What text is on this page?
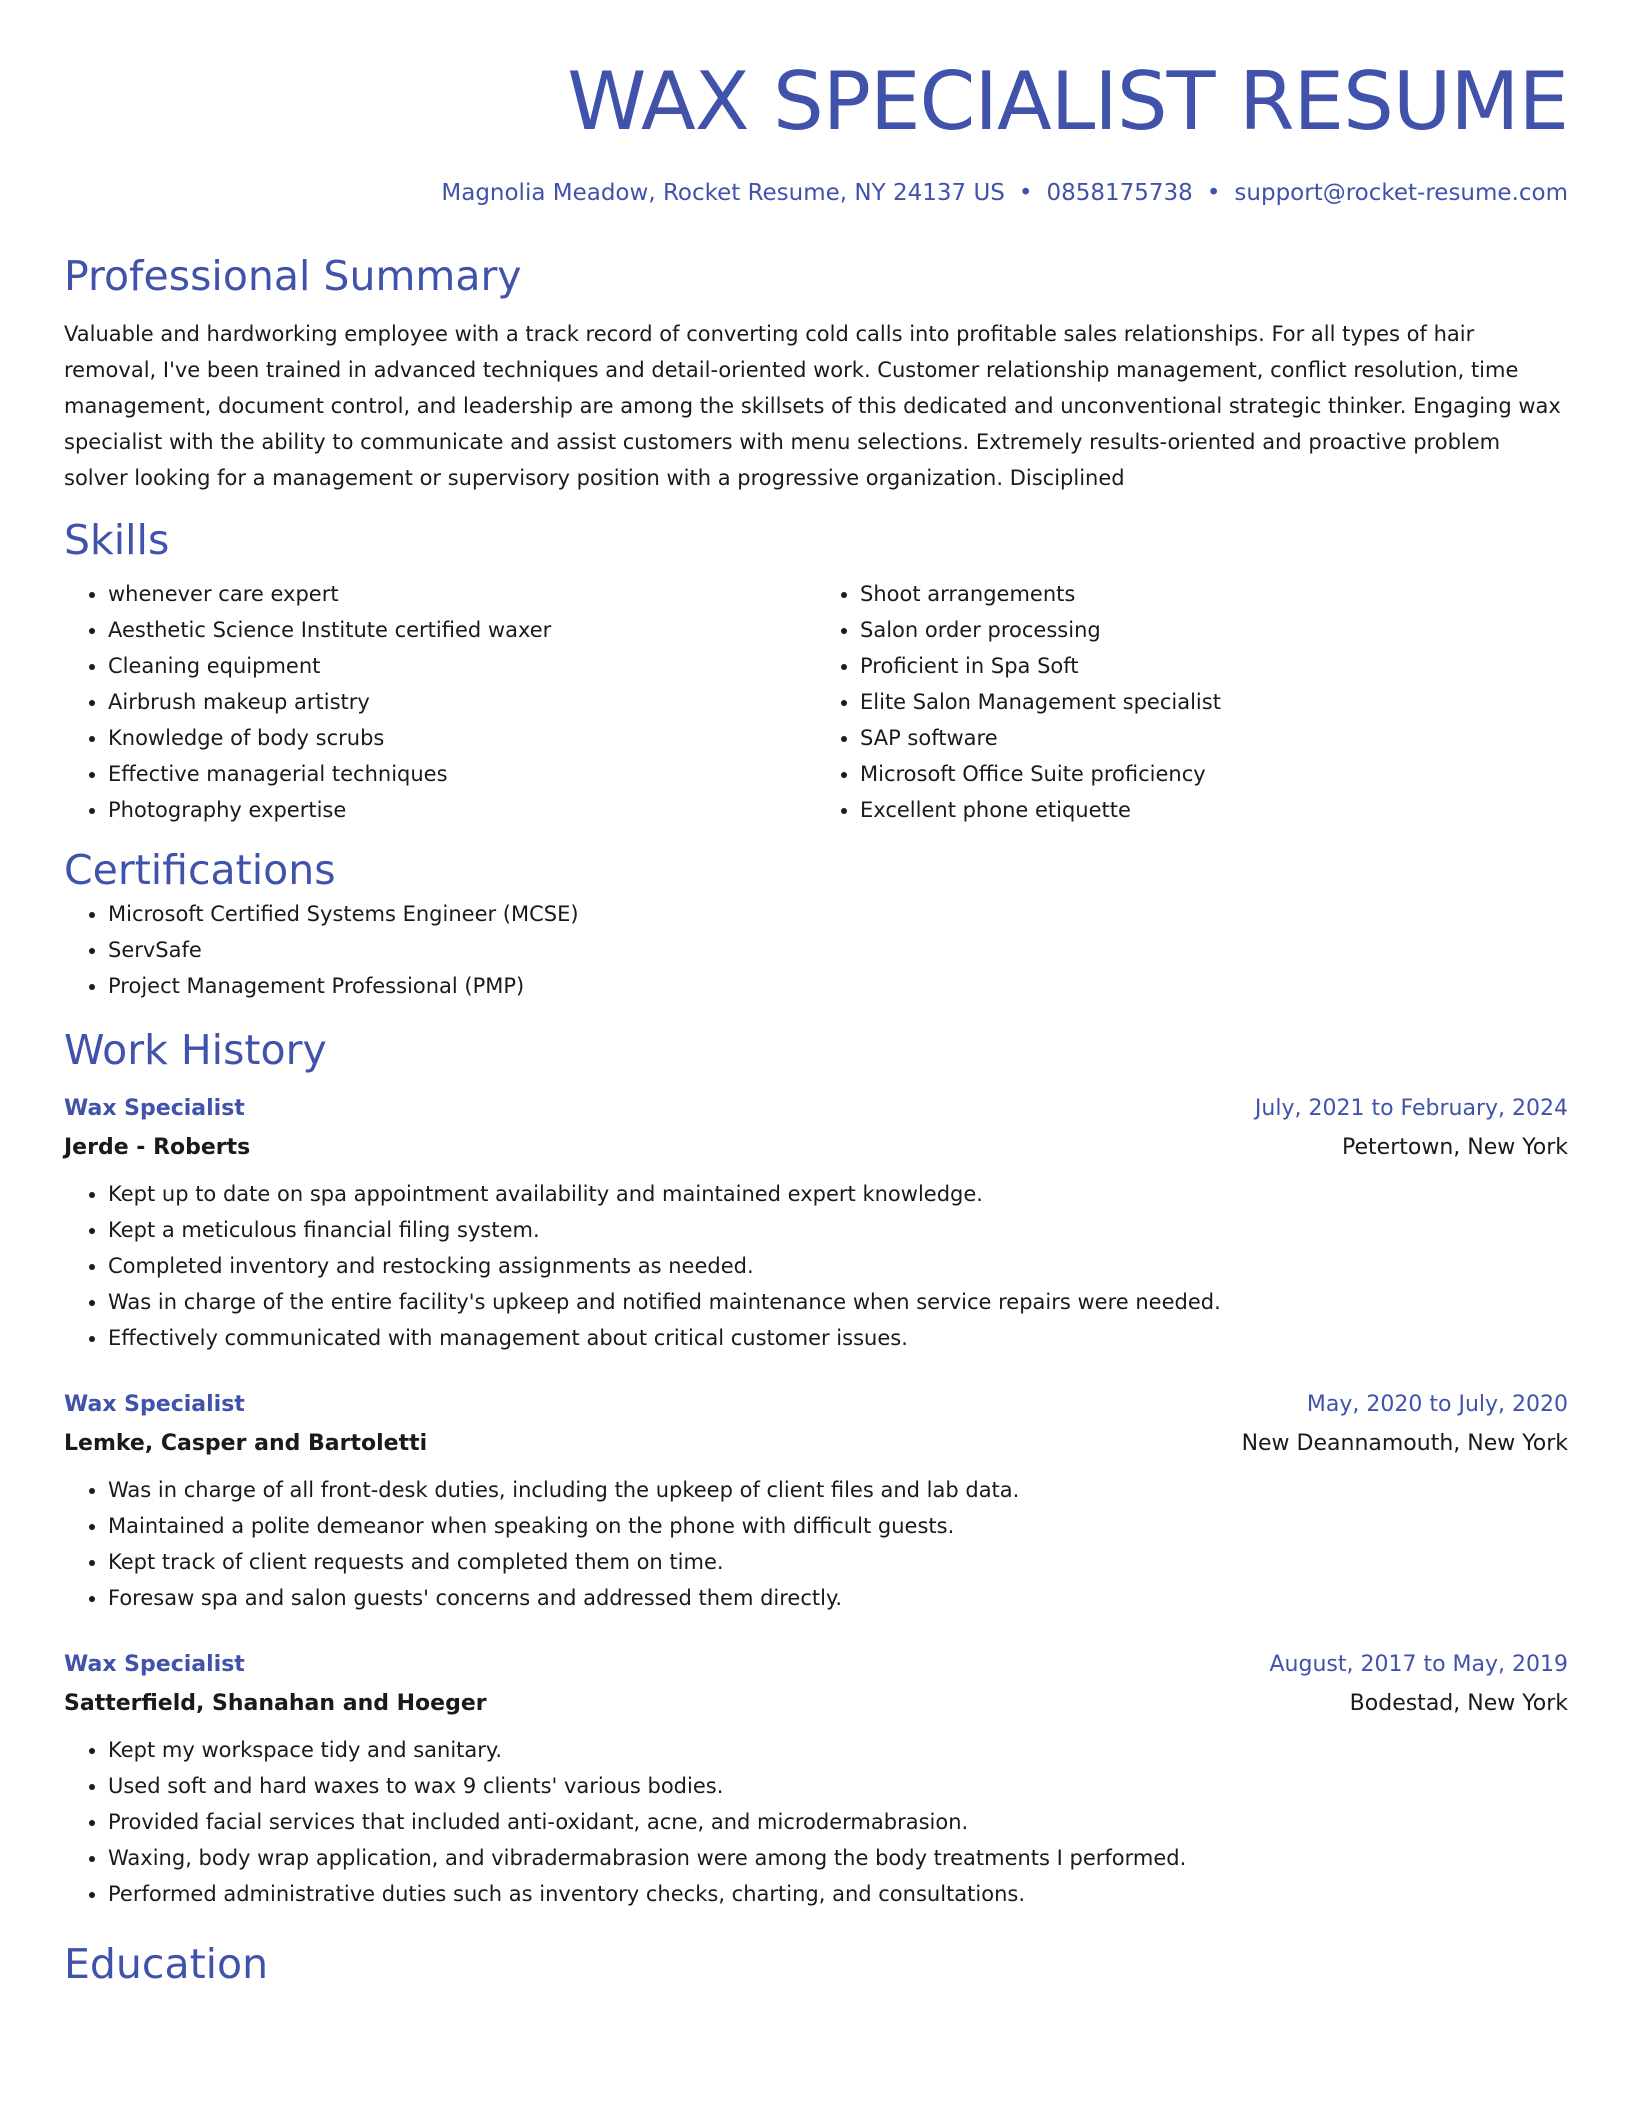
WAX SPECIALIST RESUME
Magnolia Meadow, Rocket Resume, NY 24137 US • 0858175738 • support@rocket-resume.com
Professional Summary
Valuable and hardworking employee with a track record of converting cold calls into profitable sales relationships. For all types of hair removal, I've been trained in advanced techniques and detail-oriented work. Customer relationship management, conflict resolution, time management, document control, and leadership are among the skillsets of this dedicated and unconventional strategic thinker. Engaging wax specialist with the ability to communicate and assist customers with menu selections. Extremely results-oriented and proactive problem solver looking for a management or supervisory position with a progressive organization. Disciplined
Skills
• whenever care expert
• Aesthetic Science Institute certified waxer
• Cleaning equipment
• Airbrush makeup artistry
• Knowledge of body scrubs
• Effective managerial techniques
• Photography expertise
• Shoot arrangements
• Salon order processing
• Proficient in Spa Soft
• Elite Salon Management specialist
• SAP software
• Microsoft Office Suite proficiency
• Excellent phone etiquette
Certifications
• Microsoft Certified Systems Engineer (MCSE)
• ServSafe
• Project Management Professional (PMP)
Work History
Wax Specialist	July, 2021 to February, 2024
Jerde - Roberts	Petertown, New York
• Kept up to date on spa appointment availability and maintained expert knowledge.
• Kept a meticulous financial filing system.
• Completed inventory and restocking assignments as needed.
• Was in charge of the entire facility's upkeep and notified maintenance when service repairs were needed.
• Effectively communicated with management about critical customer issues.
Wax Specialist	May, 2020 to July, 2020
Lemke, Casper and Bartoletti	New Deannamouth, New York
• Was in charge of all front-desk duties, including the upkeep of client files and lab data.
• Maintained a polite demeanor when speaking on the phone with difficult guests.
• Kept track of client requests and completed them on time.
• Foresaw spa and salon guests' concerns and addressed them directly.
Wax Specialist	August, 2017 to May, 2019
Satterfield, Shanahan and Hoeger	Bodestad, New York
• Kept my workspace tidy and sanitary.
• Used soft and hard waxes to wax 9 clients' various bodies.
• Provided facial services that included anti-oxidant, acne, and microdermabrasion.
• Waxing, body wrap application, and vibradermabrasion were among the body treatments I performed.
• Performed administrative duties such as inventory checks, charting, and consultations.
Education
